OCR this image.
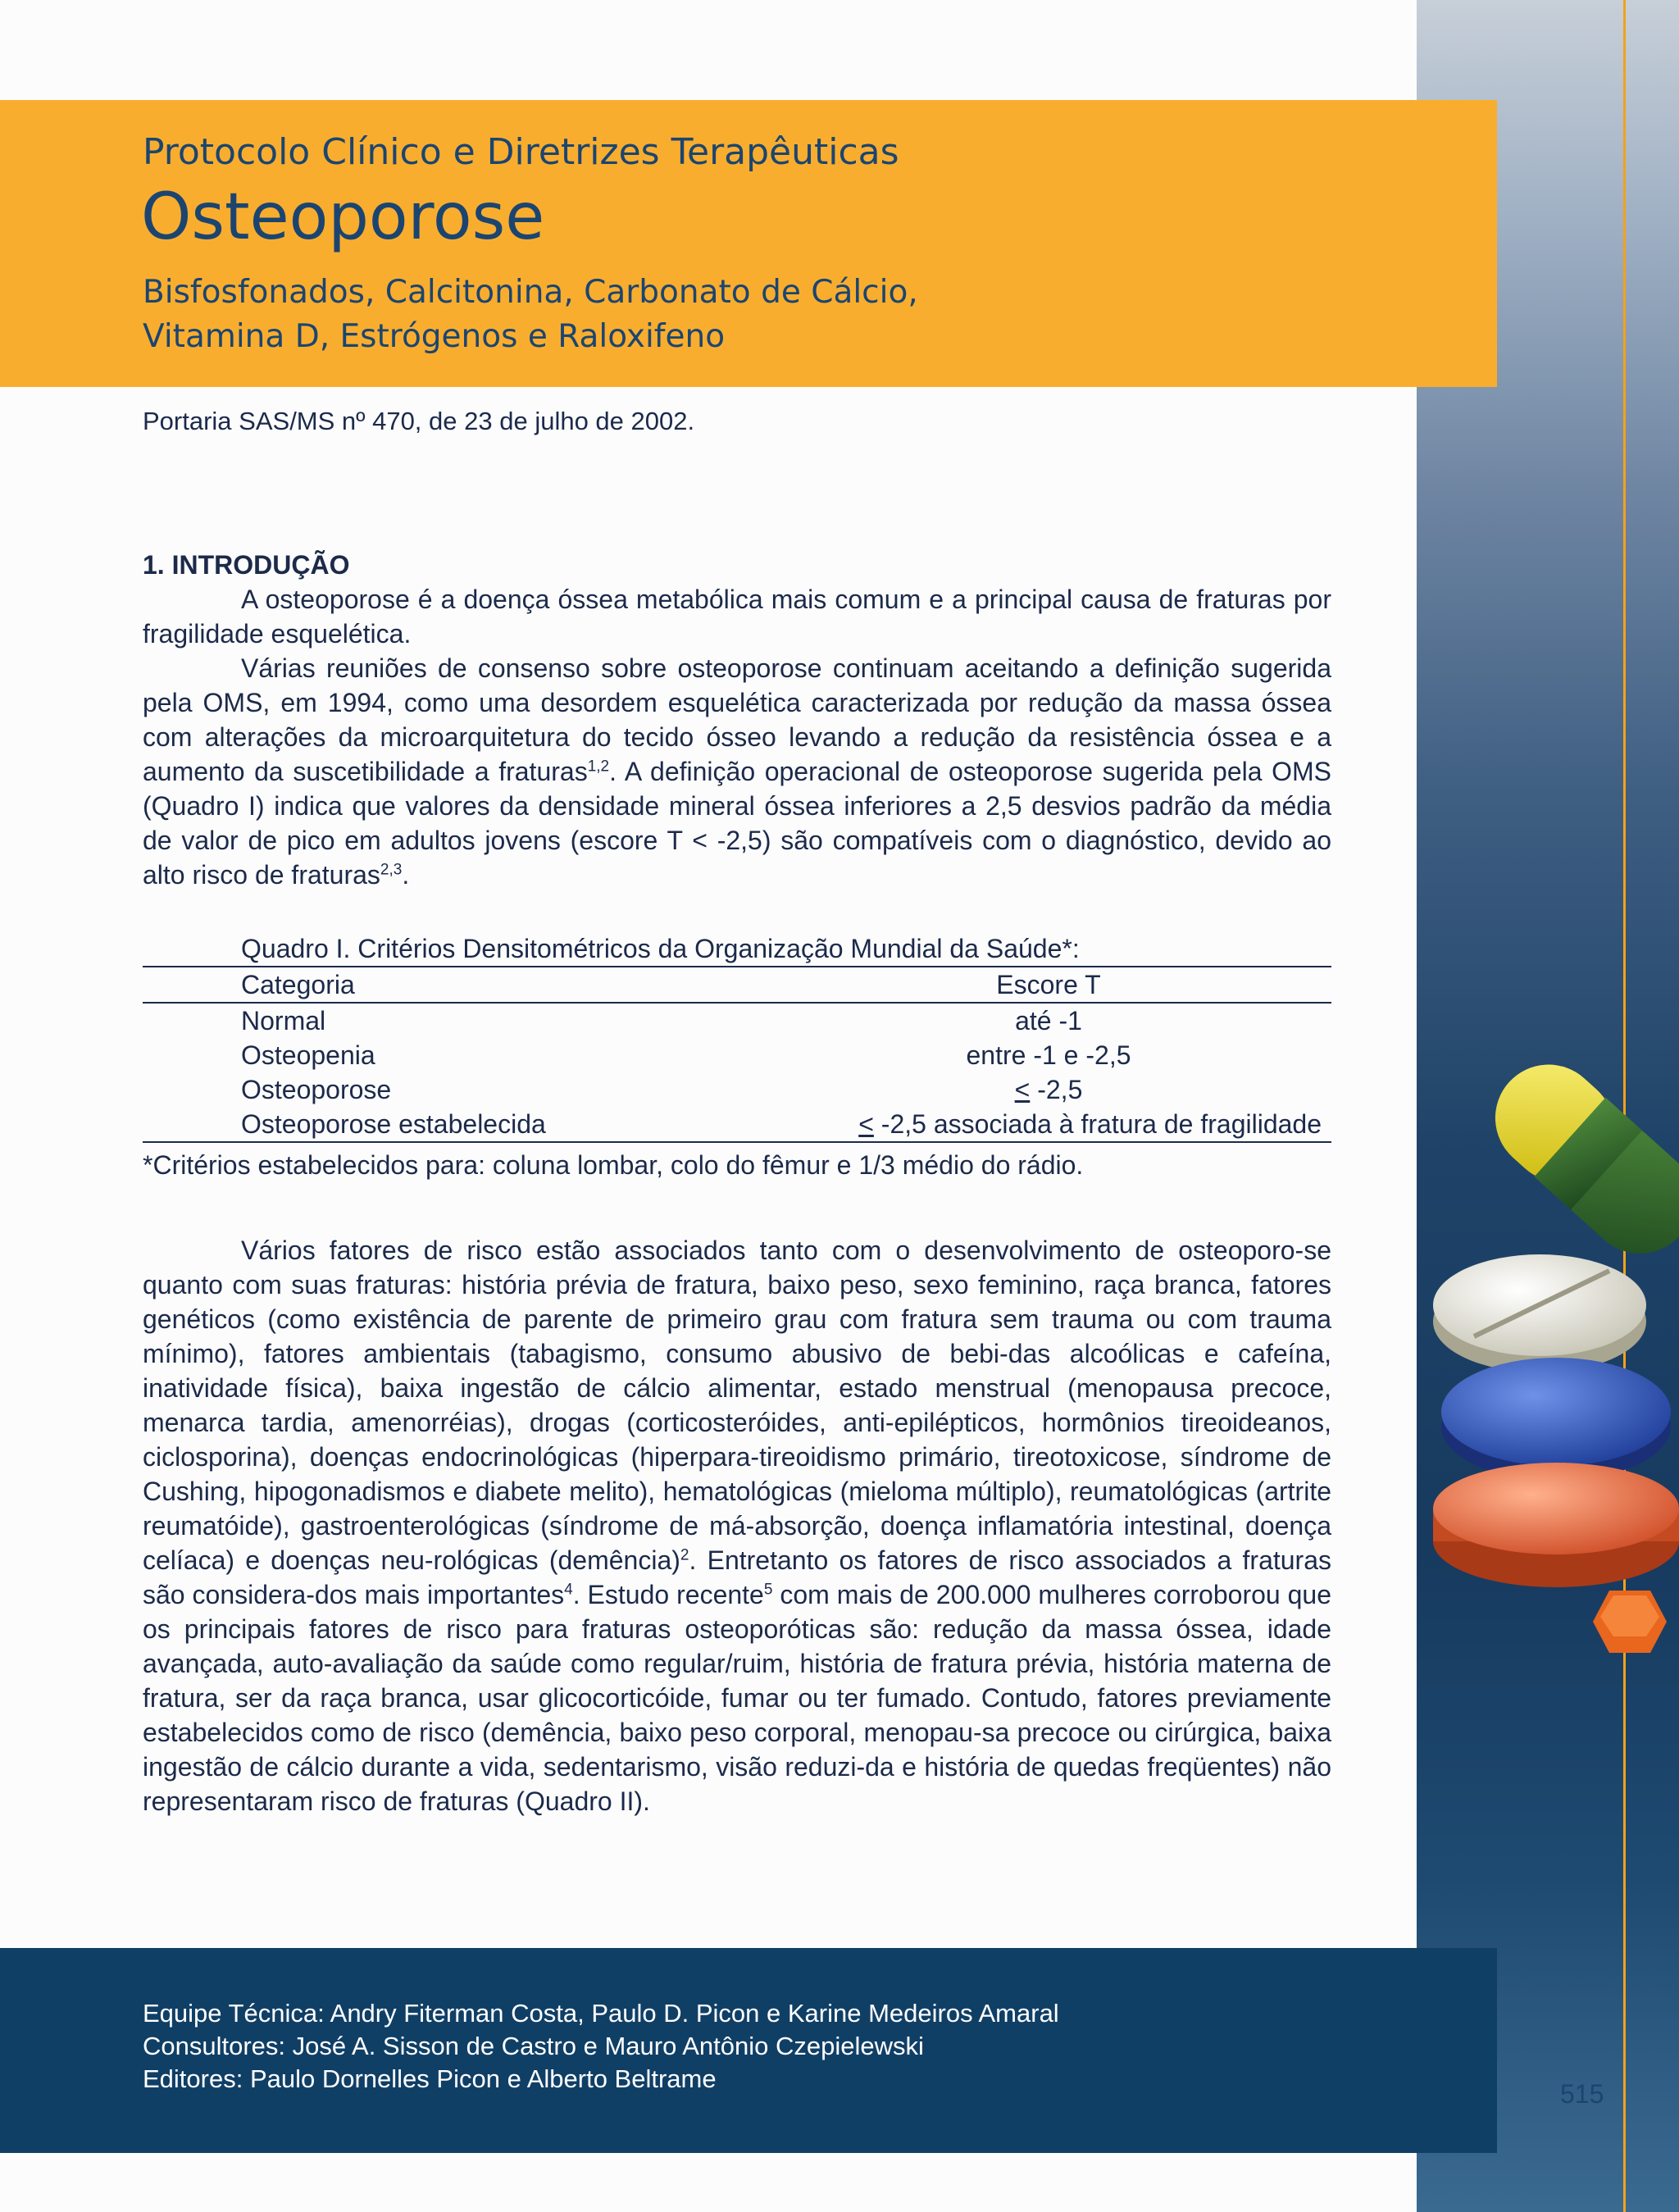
Protocolo Clínico e Diretrizes Terapêuticas
Osteoporose
Bisfosfonados, Calcitonina, Carbonato de Cálcio,
Vitamina D, Estrógenos e Raloxifeno
Portaria SAS/MS nº 470, de 23 de julho de 2002.

1. INTRODUÇÃO

A osteoporose é a doença óssea metabólica mais comum e a principal causa de fraturas por fragilidade esquelética.

Várias reuniões de consenso sobre osteoporose continuam aceitando a definição sugerida pela OMS, em 1994, como uma desordem esquelética caracterizada por redução da massa óssea com alterações da microarquitetura do tecido ósseo levando a redução da resistência óssea e a aumento da suscetibilidade a fraturas$^{1,2}$. A definição operacional de osteoporose sugerida pela OMS (Quadro I) indica que valores da densidade mineral óssea inferiores a 2,5 desvios padrão da média de valor de pico em adultos jovens (escore T < -2,5) são compatíveis com o diagnóstico, devido ao alto risco de fraturas$^{2,3}$.

Quadro I. Critérios Densitométricos da Organização Mundial da Saúde*:
Categoria	Escore T
Normal	até -1
Osteopenia	entre -1 e -2,5
Osteoporose	≤ -2,5
Osteoporose estabelecida	≤ -2,5 associada à fratura de fragilidade
*Critérios estabelecidos para: coluna lombar, colo do fêmur e 1/3 médio do rádio.

Vários fatores de risco estão associados tanto com o desenvolvimento de osteoporo-se quanto com suas fraturas: história prévia de fratura, baixo peso, sexo feminino, raça branca, fatores genéticos (como existência de parente de primeiro grau com fratura sem trauma ou com trauma mínimo), fatores ambientais (tabagismo, consumo abusivo de bebi-das alcoólicas e cafeína, inatividade física), baixa ingestão de cálcio alimentar, estado menstrual (menopausa precoce, menarca tardia, amenorréias), drogas (corticosteróides, anti-epilépticos, hormônios tireoideanos, ciclosporina), doenças endocrinológicas (hiperpara-tireoidismo primário, tireotoxicose, síndrome de Cushing, hipogonadismos e diabete melito), hematológicas (mieloma múltiplo), reumatológicas (artrite reumatóide), gastroenterológicas (síndrome de má-absorção, doença inflamatória intestinal, doença celíaca) e doenças neu-rológicas (demência)$^2$. Entretanto os fatores de risco associados a fraturas são considera-dos mais importantes$^4$. Estudo recente$^5$ com mais de 200.000 mulheres corroborou que os principais fatores de risco para fraturas osteoporóticas são: redução da massa óssea, idade avançada, auto-avaliação da saúde como regular/ruim, história de fratura prévia, história materna de fratura, ser da raça branca, usar glicocorticóide, fumar ou ter fumado. Contudo, fatores previamente estabelecidos como de risco (demência, baixo peso corporal, menopau-sa precoce ou cirúrgica, baixa ingestão de cálcio durante a vida, sedentarismo, visão reduzi-da e história de quedas freqüentes) não representaram risco de fraturas (Quadro II).

Equipe Técnica: Andry Fiterman Costa, Paulo D. Picon e Karine Medeiros Amaral
Consultores: José A. Sisson de Castro e Mauro Antônio Czepielewski
Editores: Paulo Dornelles Picon e Alberto Beltrame
515
